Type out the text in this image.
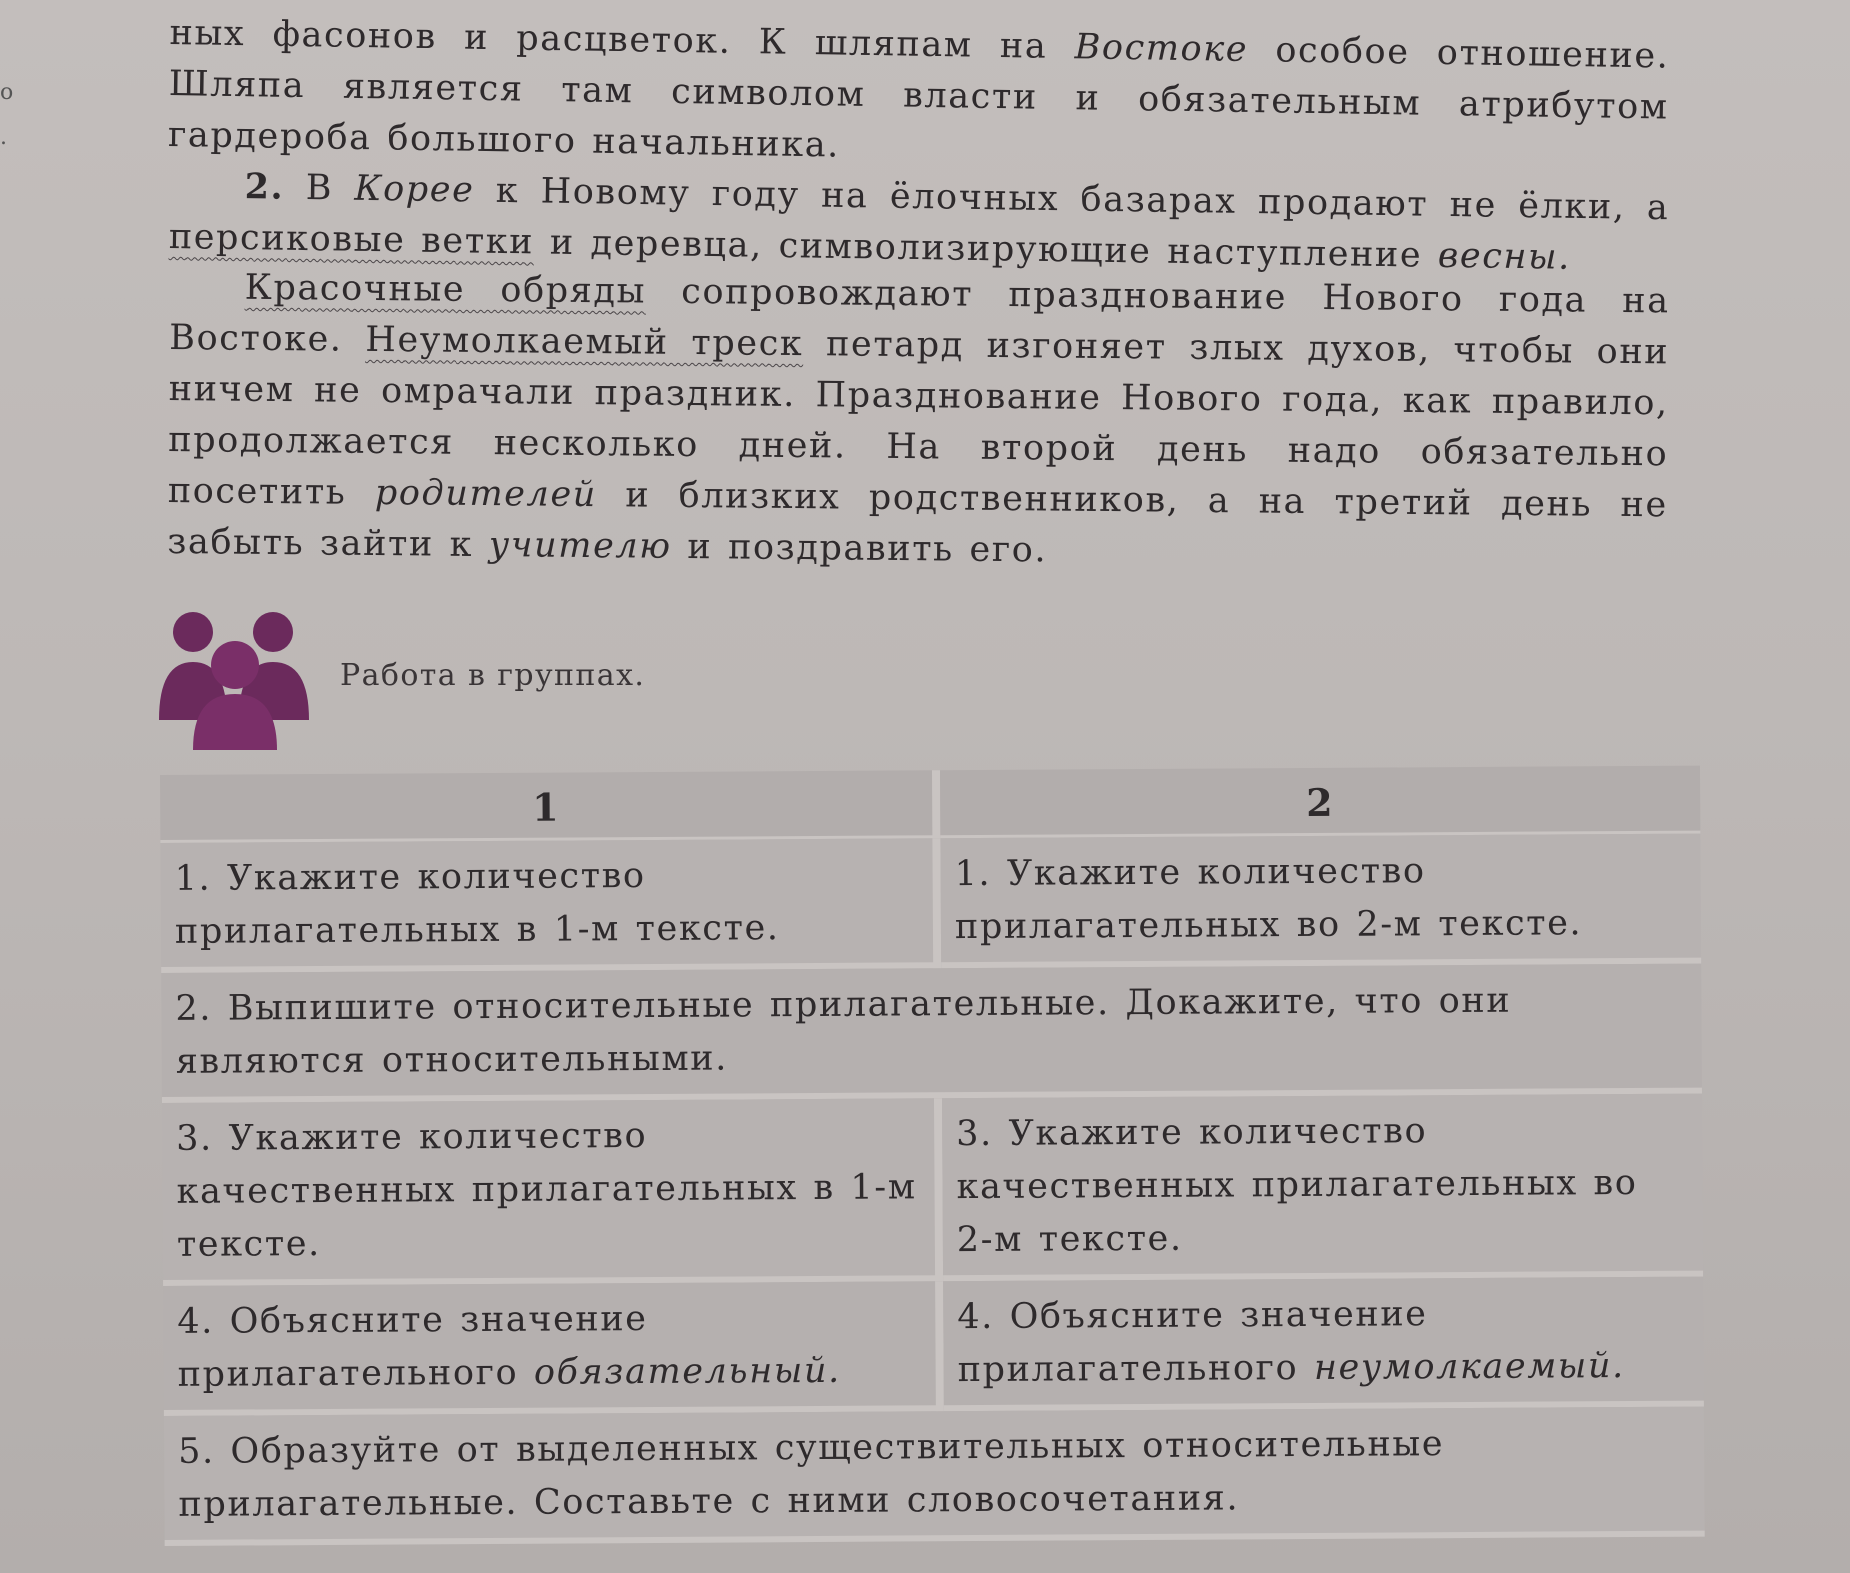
о
.

ных фасонов и расцветок. К шляпам на Востоке особое отношение. Шляпа является там символом власти и обязательным атрибутом гардероба большого начальника.

2. В Корее к Новому году на ёлочных базарах продают не ёлки, а персиковые ветки и деревца, символизирующие наступление весны.

Красочные обряды сопровождают празднование Нового года на Востоке. Неумолкаемый треск петард изгоняет злых духов, чтобы они ничем не омрачали праздник. Празднование Нового года, как правило, продолжается несколько дней. На второй день надо обязательно посетить родителей и близких родственников, а на третий день не забыть зайти к учителю и поздравить его.

Работа в группах.
1	2
1. Укажите количество прилагательных в 1-м тексте.	1. Укажите количество прилагательных во 2-м тексте.
2. Выпишите относительные прилагательные. Докажите, что они являются относительными.	
3. Укажите количество качественных прилагательных в 1-м тексте.	3. Укажите количество качественных прилагательных во 2-м тексте.
4. Объясните значение прилагательного обязательный.	4. Объясните значение прилагательного неумолкаемый.
5. Образуйте от выделенных существительных относительные прилагательные. Составьте с ними словосочетания.	
